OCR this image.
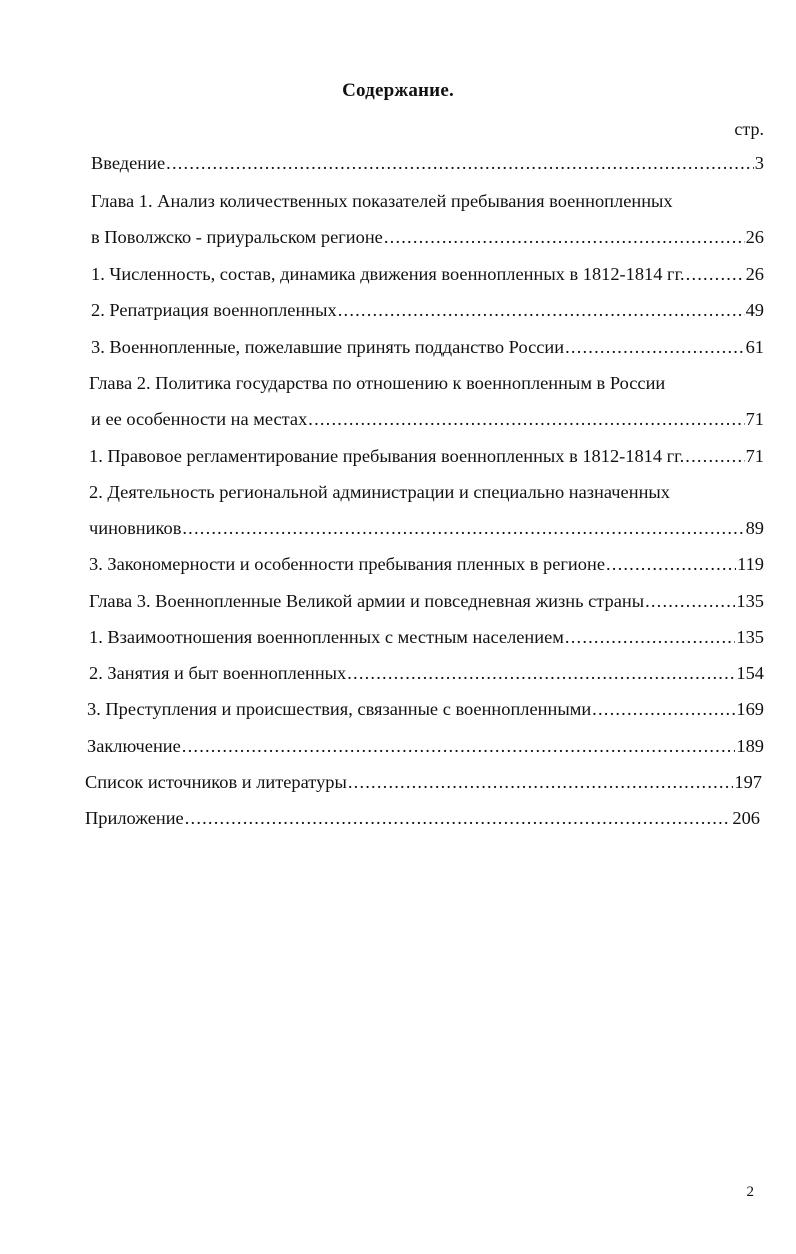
Содержание.
стр.
Введение .....	3
Глава 1. Анализ количественных показателей пребывания военнопленных
в Поволжско - приуральском регионе .....	26
1. Численность, состав, динамика движения военнопленных в 1812-1814 гг. .....	26
2. Репатриация военнопленных .....	49
3. Военнопленные, пожелавшие принять подданство России .....	61
Глава 2. Политика государства по отношению к военнопленным в России
и ее особенности на местах .....	71
1. Правовое регламентирование пребывания военнопленных в 1812-1814 гг. .....	71
2. Деятельность региональной администрации и специально назначенных
чиновников .....	89
3. Закономерности и особенности пребывания пленных в регионе .....	119
Глава 3. Военнопленные Великой армии и повседневная жизнь страны .....	135
1. Взаимоотношения военнопленных с местным населением .....	135
2. Занятия и быт военнопленных .....	154
3. Преступления и происшествия, связанные с военнопленными .....	169
Заключение .....	189
Список источников и литературы .....	197
Приложение .....	206
2
